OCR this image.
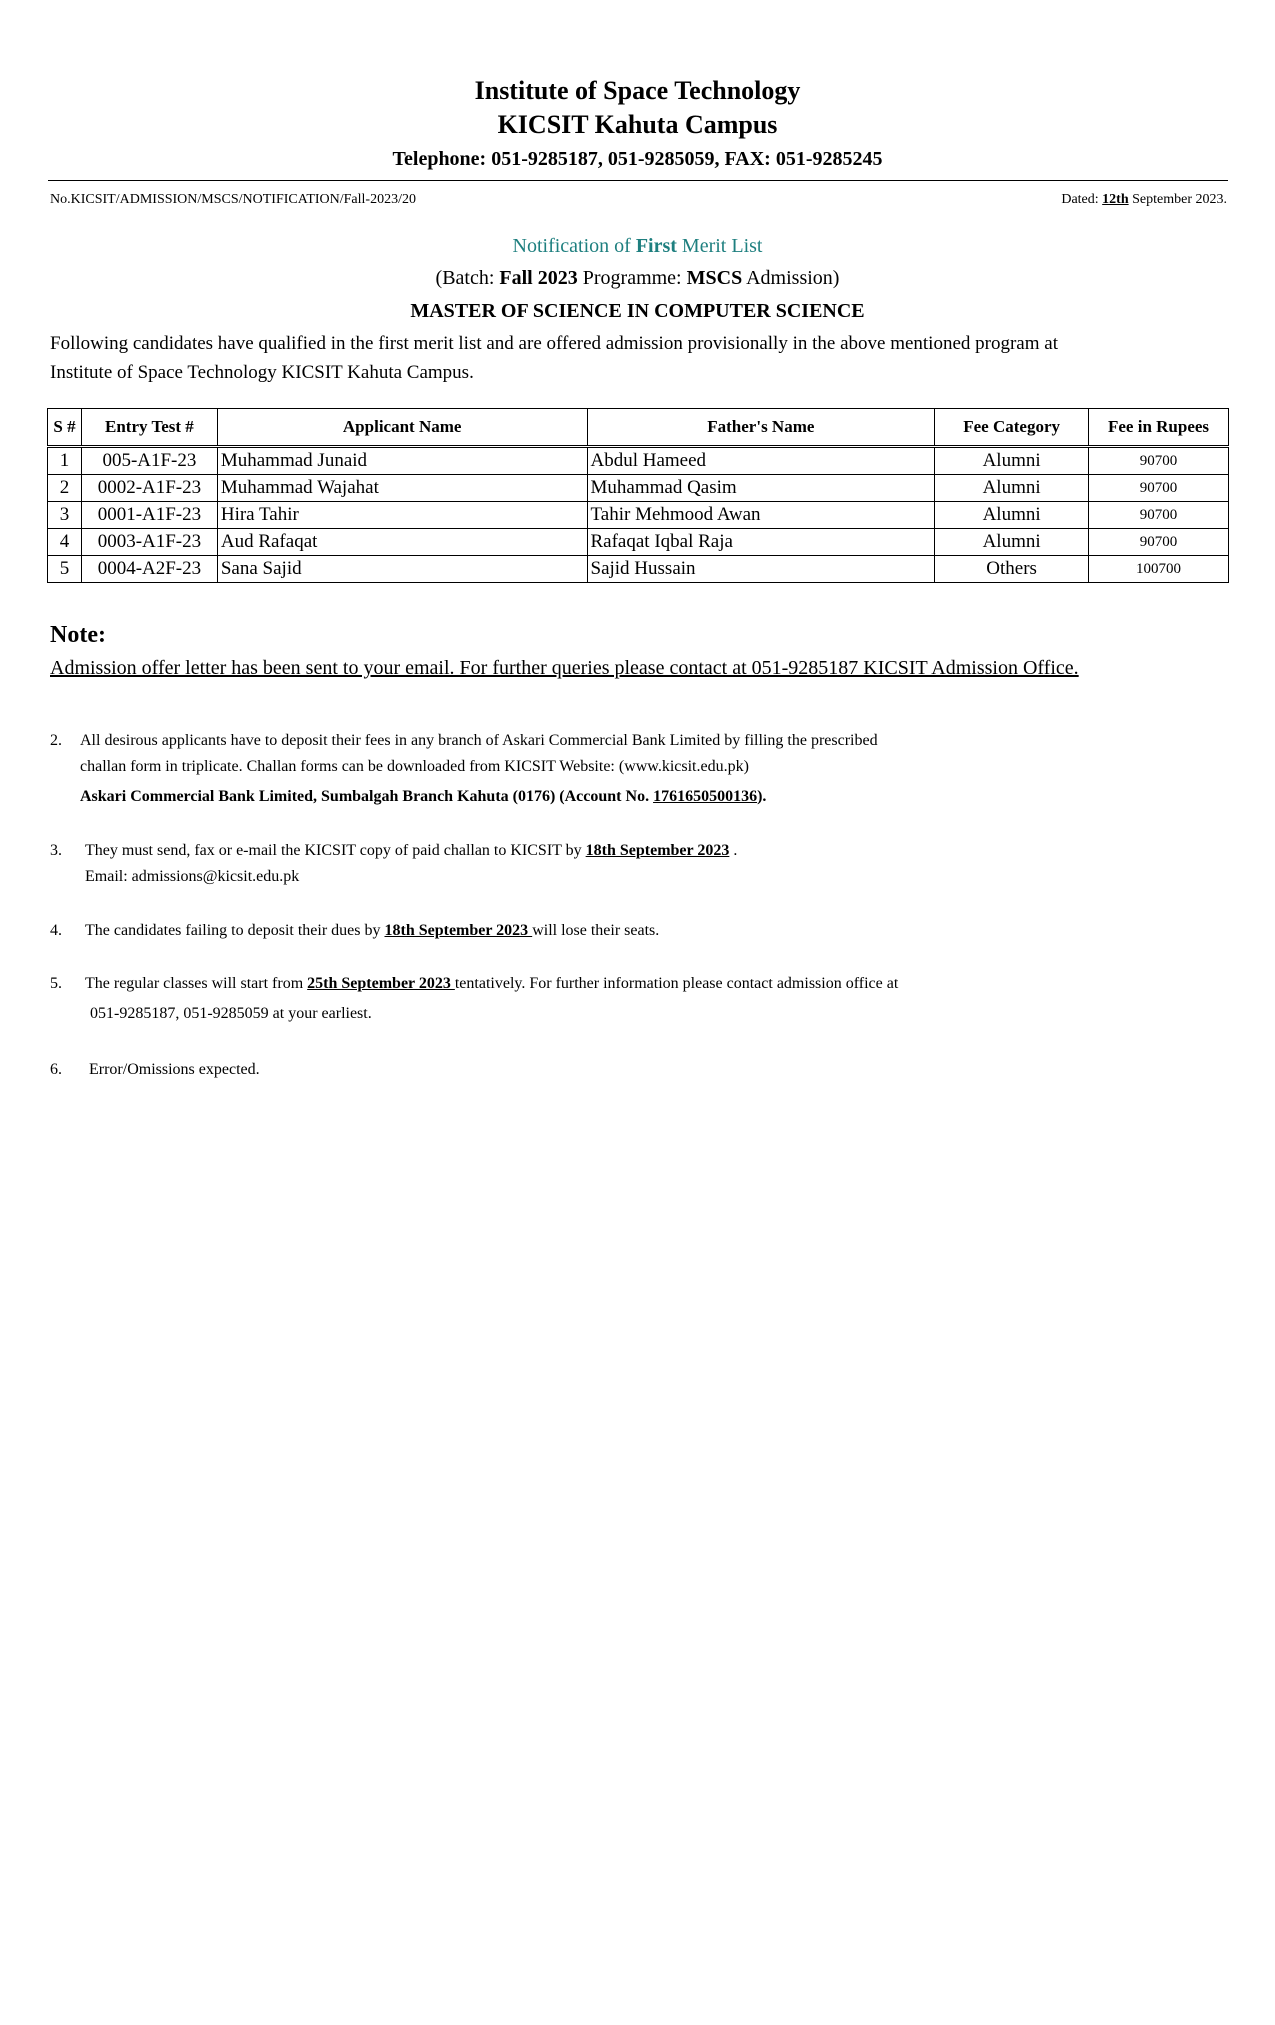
Institute of Space Technology
KICSIT Kahuta Campus
Telephone: 051-9285187, 051-9285059, FAX: 051-9285245
No.KICSIT/ADMISSION/MSCS/NOTIFICATION/Fall-2023/20	Dated: 12th September 2023.
Notification of First Merit List
(Batch: Fall 2023 Programme: MSCS Admission)
MASTER OF SCIENCE IN COMPUTER SCIENCE
Following candidates have qualified in the first merit list and are offered admission provisionally in the above mentioned program at Institute of Space Technology KICSIT Kahuta Campus.
S #	Entry Test #	Applicant Name	Father's Name	Fee Category	Fee in Rupees
1	005-A1F-23	Muhammad Junaid	Abdul Hameed	Alumni	90700
2	0002-A1F-23	Muhammad Wajahat	Muhammad Qasim	Alumni	90700
3	0001-A1F-23	Hira Tahir	Tahir Mehmood Awan	Alumni	90700
4	0003-A1F-23	Aud Rafaqat	Rafaqat Iqbal Raja	Alumni	90700
5	0004-A2F-23	Sana Sajid	Sajid Hussain	Others	100700
Note:
Admission offer letter has been sent to your email. For further queries please contact at 051-9285187 KICSIT Admission Office.
2. All desirous applicants have to deposit their fees in any branch of Askari Commercial Bank Limited by filling the prescribed
challan form in triplicate. Challan forms can be downloaded from KICSIT Website: (www.kicsit.edu.pk)
Askari Commercial Bank Limited, Sumbalgah Branch Kahuta (0176) (Account No. 1761650500136).
3. They must send, fax or e-mail the KICSIT copy of paid challan to KICSIT by 18th September 2023 .
Email: admissions@kicsit.edu.pk
4. The candidates failing to deposit their dues by 18th September 2023 will lose their seats.
5. The regular classes will start from 25th September 2023 tentatively. For further information please contact admission office at
051-9285187, 051-9285059 at your earliest.
6. Error/Omissions expected.
